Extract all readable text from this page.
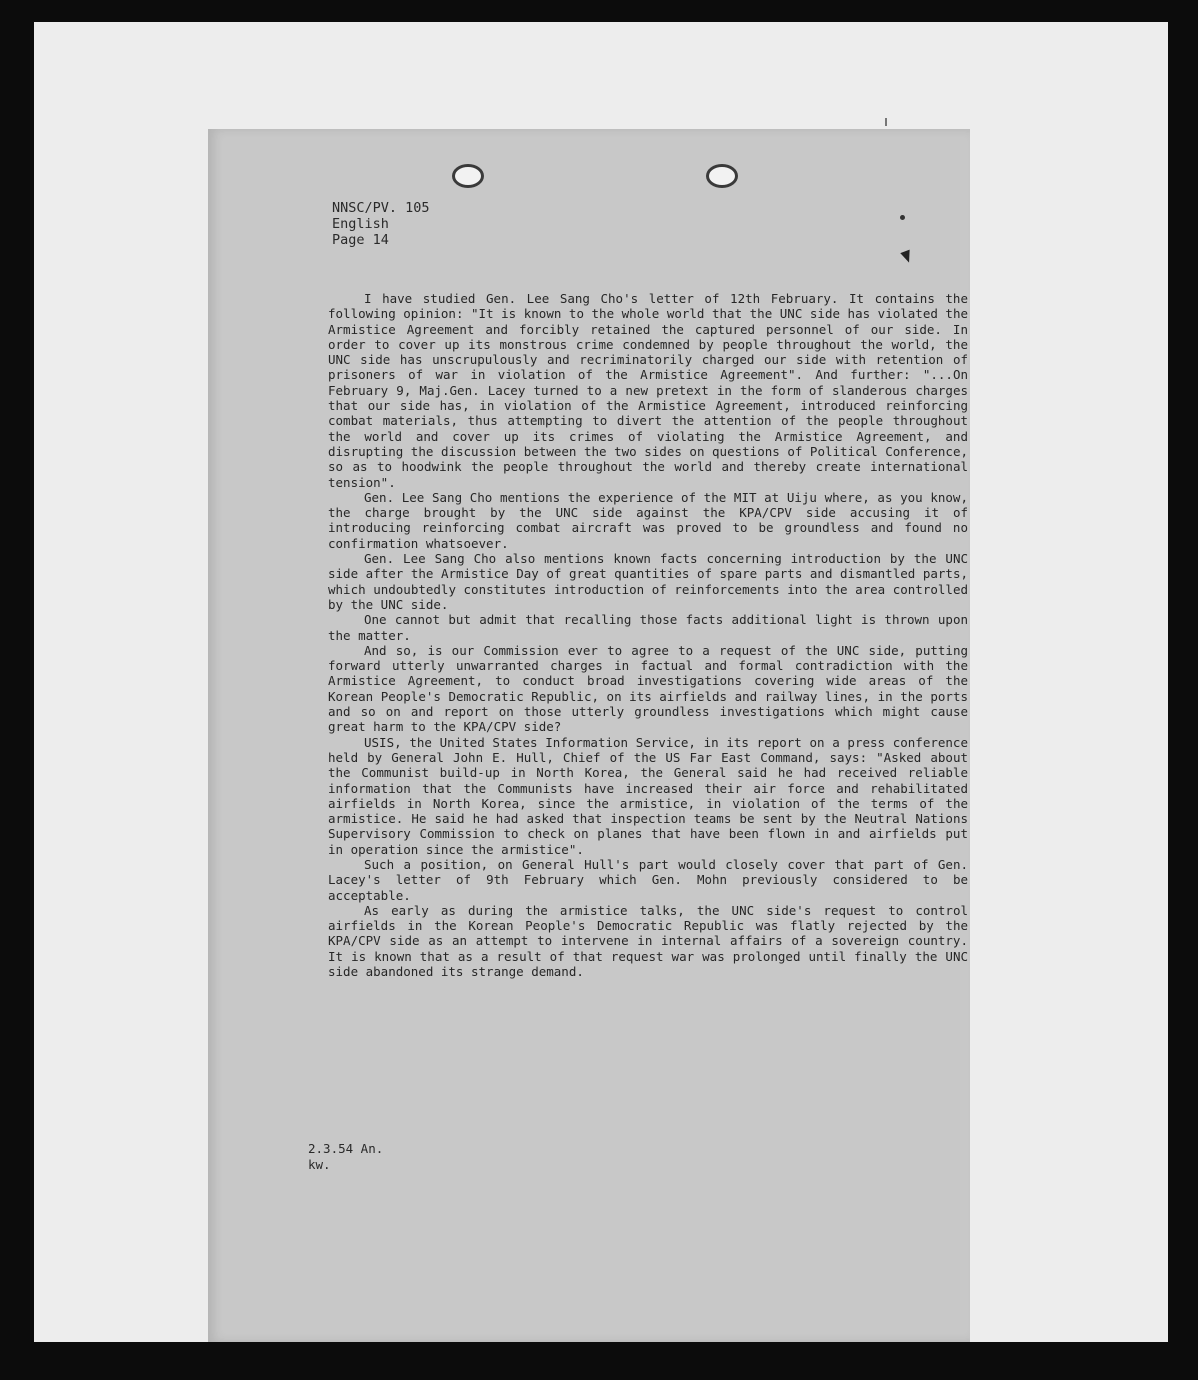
NNSC/PV. 105
English
Page 14

I have studied Gen. Lee Sang Cho's letter of 12th February. It contains the following opinion: "It is known to the whole world that the UNC side has violated the Armistice Agreement and forcibly retained the captured personnel of our side. In order to cover up its monstrous crime condemned by people throughout the world, the UNC side has unscrupulously and recriminatorily charged our side with retention of prisoners of war in violation of the Armistice Agreement". And further: "...On February 9, Maj.Gen. Lacey turned to a new pretext in the form of slanderous charges that our side has, in violation of the Armistice Agreement, introduced reinforcing combat materials, thus attempting to divert the attention of the people throughout the world and cover up its crimes of violating the Armistice Agreement, and disrupting the discussion between the two sides on questions of Political Conference, so as to hoodwink the people throughout the world and thereby create international tension".

Gen. Lee Sang Cho mentions the experience of the MIT at Uiju where, as you know, the charge brought by the UNC side against the KPA/CPV side accusing it of introducing reinforcing combat aircraft was proved to be groundless and found no confirmation whatsoever.

Gen. Lee Sang Cho also mentions known facts concerning introduction by the UNC side after the Armistice Day of great quantities of spare parts and dismantled parts, which undoubtedly constitutes introduction of reinforcements into the area controlled by the UNC side.

One cannot but admit that recalling those facts additional light is thrown upon the matter.

And so, is our Commission ever to agree to a request of the UNC side, putting forward utterly unwarranted charges in factual and formal contradiction with the Armistice Agreement, to conduct broad investigations covering wide areas of the Korean People's Democratic Republic, on its airfields and railway lines, in the ports and so on and report on those utterly groundless investigations which might cause great harm to the KPA/CPV side?

USIS, the United States Information Service, in its report on a press conference held by General John E. Hull, Chief of the US Far East Command, says: "Asked about the Communist build-up in North Korea, the General said he had received reliable information that the Communists have increased their air force and rehabilitated airfields in North Korea, since the armistice, in violation of the terms of the armistice. He said he had asked that inspection teams be sent by the Neutral Nations Supervisory Commission to check on planes that have been flown in and airfields put in operation since the armistice".

Such a position, on General Hull's part would closely cover that part of Gen. Lacey's letter of 9th February which Gen. Mohn previously considered to be acceptable.

As early as during the armistice talks, the UNC side's request to control airfields in the Korean People's Democratic Republic was flatly rejected by the KPA/CPV side as an attempt to intervene in internal affairs of a sovereign country. It is known that as a result of that request war was prolonged until finally the UNC side abandoned its strange demand.

2.3.54 An.
kw.
